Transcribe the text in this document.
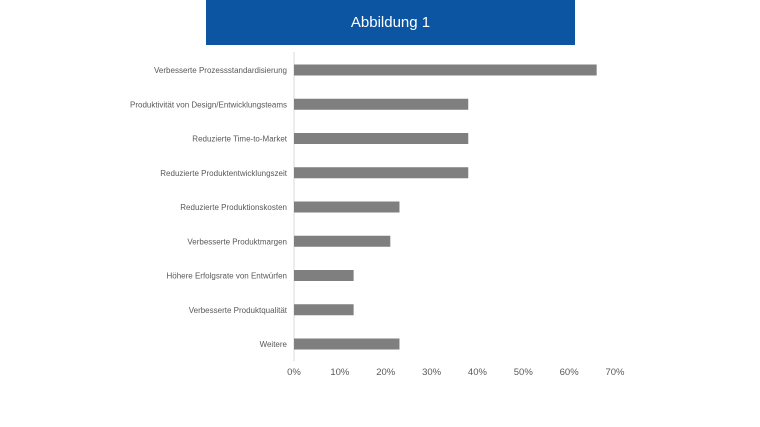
Abbildung 1
Verbesserte Prozessstandardisierung
Produktivität von Design/Entwicklungsteams
Reduzierte Time-to-Market
Reduzierte Produktentwicklungszeit
Reduzierte Produktionskosten
Verbesserte Produktmargen
Höhere Erfolgsrate von Entwürfen
Verbesserte Produktqualität
Weitere
0%	10%	20%	30%	40%	50%	60%	70%
